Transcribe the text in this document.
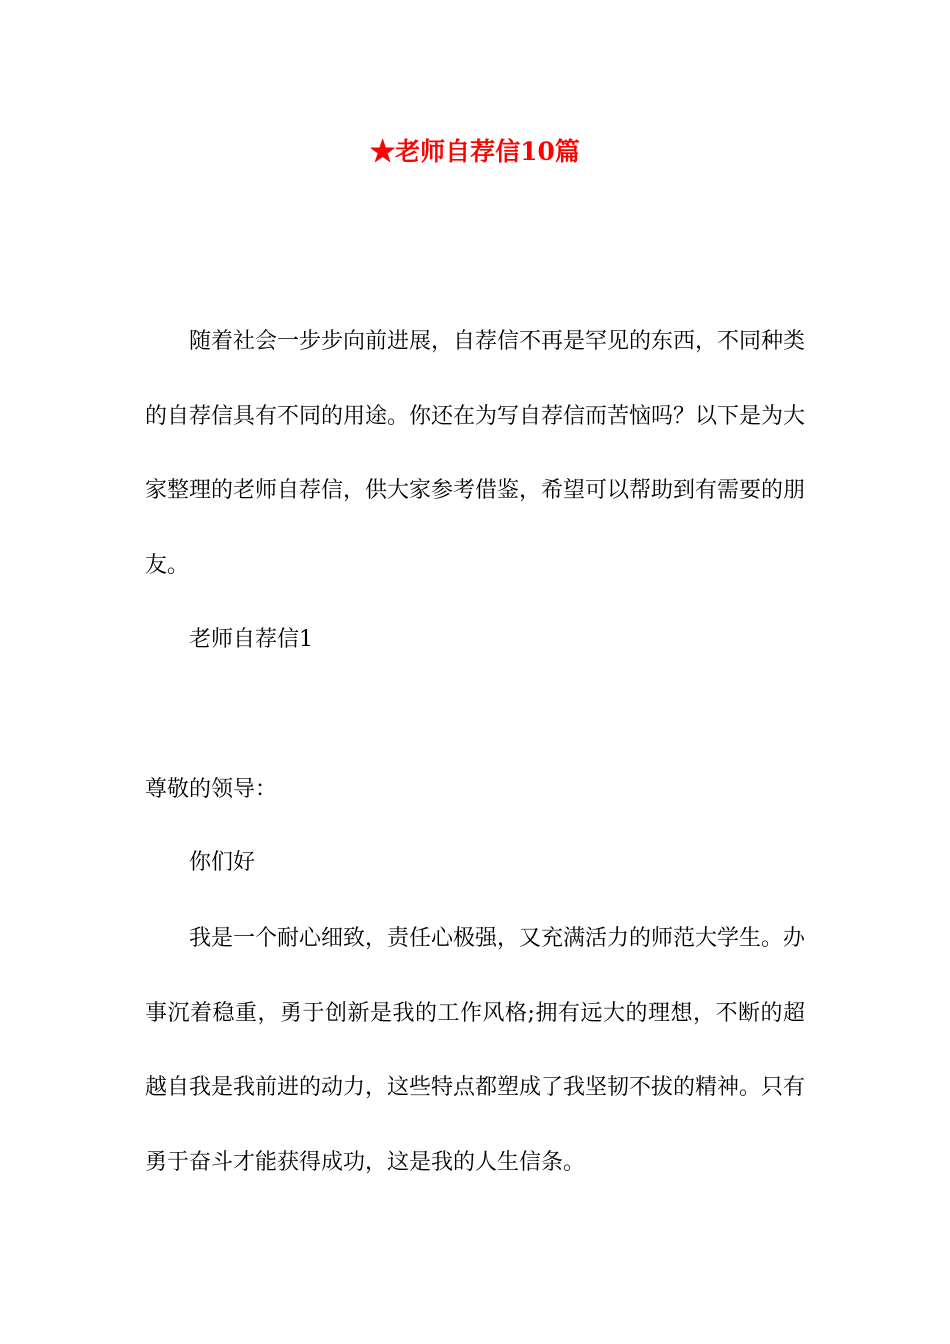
★老师自荐信10篇

随着社会一步步向前进展，自荐信不再是罕见的东西，不同种类的自荐信具有不同的用途。你还在为写自荐信而苦恼吗？以下是为大家整理的老师自荐信，供大家参考借鉴，希望可以帮助到有需要的朋友。

老师自荐信1
尊敬的领导：
你们好

我是一个耐心细致，责任心极强，又充满活力的师范大学生。办事沉着稳重，勇于创新是我的工作风格;拥有远大的理想，不断的超越自我是我前进的动力，这些特点都塑成了我坚韧不拔的精神。只有勇于奋斗才能获得成功，这是我的人生信条。
